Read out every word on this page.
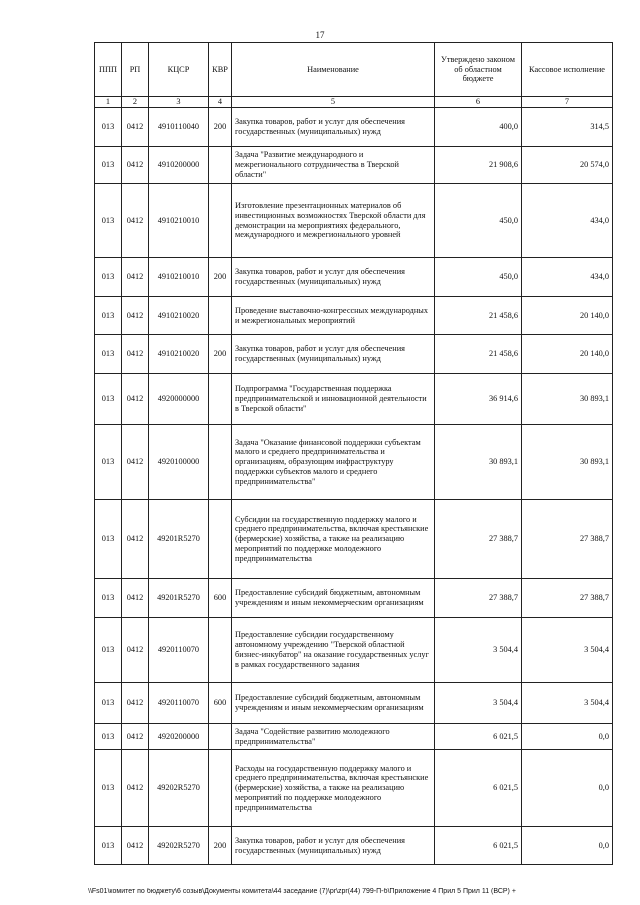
17
ППП	РП	КЦСР	КВР	Наименование	Утверждено законом об областном бюджете	Кассовое исполнение
1	2	3	4	5	6	7
013	0412	4910110040	200	Закупка товаров, работ и услуг для обеспечения государственных (муниципальных) нужд	400,0	314,5
013	0412	4910200000		Задача "Развитие международного и межрегионального сотрудничества в Тверской области"	21 908,6	20 574,0
013	0412	4910210010		Изготовление презентационных материалов об инвестиционных возможностях Тверской области для демонстрации на мероприятиях федерального, международного и межрегионального уровней	450,0	434,0
013	0412	4910210010	200	Закупка товаров, работ и услуг для обеспечения государственных (муниципальных) нужд	450,0	434,0
013	0412	4910210020		Проведение выставочно-конгрессных международных и межрегиональных мероприятий	21 458,6	20 140,0
013	0412	4910210020	200	Закупка товаров, работ и услуг для обеспечения государственных (муниципальных) нужд	21 458,6	20 140,0
013	0412	4920000000		Подпрограмма "Государственная поддержка предпринимательской и инновационной деятельности в Тверской области"	36 914,6	30 893,1
013	0412	4920100000		Задача "Оказание финансовой поддержки субъектам малого и среднего предпринимательства и организациям, образующим инфраструктуру поддержки субъектов малого и среднего предпринимательства"	30 893,1	30 893,1
013	0412	49201R5270		Субсидии на государственную поддержку малого и среднего предпринимательства, включая крестьянские (фермерские) хозяйства, а также на реализацию мероприятий по поддержке молодежного предпринимательства	27 388,7	27 388,7
013	0412	49201R5270	600	Предоставление субсидий бюджетным, автономным учреждениям и иным некоммерческим организациям	27 388,7	27 388,7
013	0412	4920110070		Предоставление субсидии государственному автономному учреждению "Тверской областной бизнес-инкубатор" на оказание государственных услуг в рамках государственного задания	3 504,4	3 504,4
013	0412	4920110070	600	Предоставление субсидий бюджетным, автономным учреждениям и иным некоммерческим организациям	3 504,4	3 504,4
013	0412	4920200000		Задача "Содействие развитию молодежного предпринимательства"	6 021,5	0,0
013	0412	49202R5270		Расходы на государственную поддержку малого и среднего предпринимательства, включая крестьянские (фермерские) хозяйства, а также на реализацию мероприятий по поддержке молодежного предпринимательства	6 021,5	0,0
013	0412	49202R5270	200	Закупка товаров, работ и услуг для обеспечения государственных (муниципальных) нужд	6 021,5	0,0
\\Fs01\комитет по бюджету\6 созыв\Документы комитета\44 заседание (7)\pr\zpr(44) 799-П-б\Приложение 4 Прил 5 Прил 11 (ВСР) +
